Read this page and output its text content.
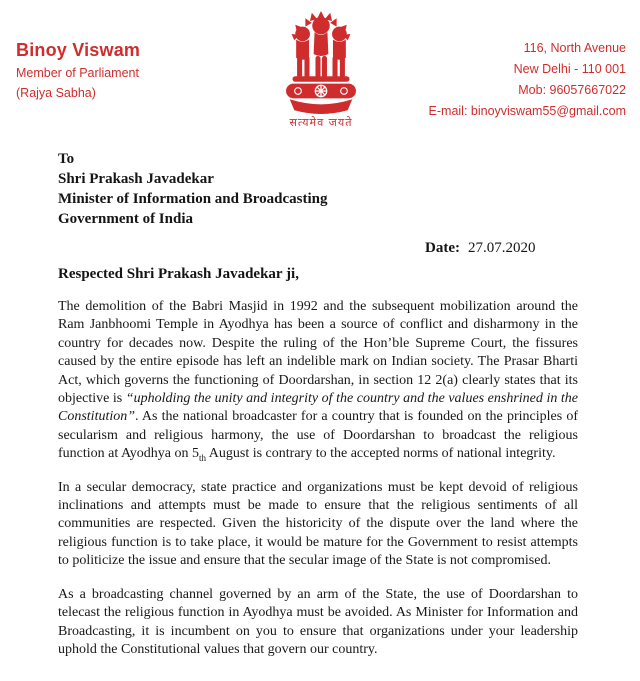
Binoy Viswam
Member of Parliament
(Rajya Sabha)
सत्यमेव जयते
116, North Avenue
New Delhi - 110 001
Mob: 96057667022
E-mail: binoyviswam55@gmail.com
To
Shri Prakash Javadekar
Minister of Information and Broadcasting
Government of India
Date: 27.07.2020
Respected Shri Prakash Javadekar ji,

The demolition of the Babri Masjid in 1992 and the subsequent mobilization around the Ram Janbhoomi Temple in Ayodhya has been a source of conflict and disharmony in the country for decades now. Despite the ruling of the Hon’ble Supreme Court, the fissures caused by the entire episode has left an indelible mark on Indian society. The Prasar Bharti Act, which governs the functioning of Doordarshan, in section 12 2(a) clearly states that its objective is “upholding the unity and integrity of the country and the values enshrined in the Constitution”. As the national broadcaster for a country that is founded on the principles of secularism and religious harmony, the use of Doordarshan to broadcast the religious function at Ayodhya on $5_{th}$ August is contrary to the accepted norms of national integrity.

In a secular democracy, state practice and organizations must be kept devoid of religious inclinations and attempts must be made to ensure that the religious sentiments of all communities are respected. Given the historicity of the dispute over the land where the religious function is to take place, it would be mature for the Government to resist attempts to politicize the issue and ensure that the secular image of the State is not compromised.

As a broadcasting channel governed by an arm of the State, the use of Doordarshan to telecast the religious function in Ayodhya must be avoided. As Minister for Information and Broadcasting, it is incumbent on you to ensure that organizations under your leadership uphold the Constitutional values that govern our country.
